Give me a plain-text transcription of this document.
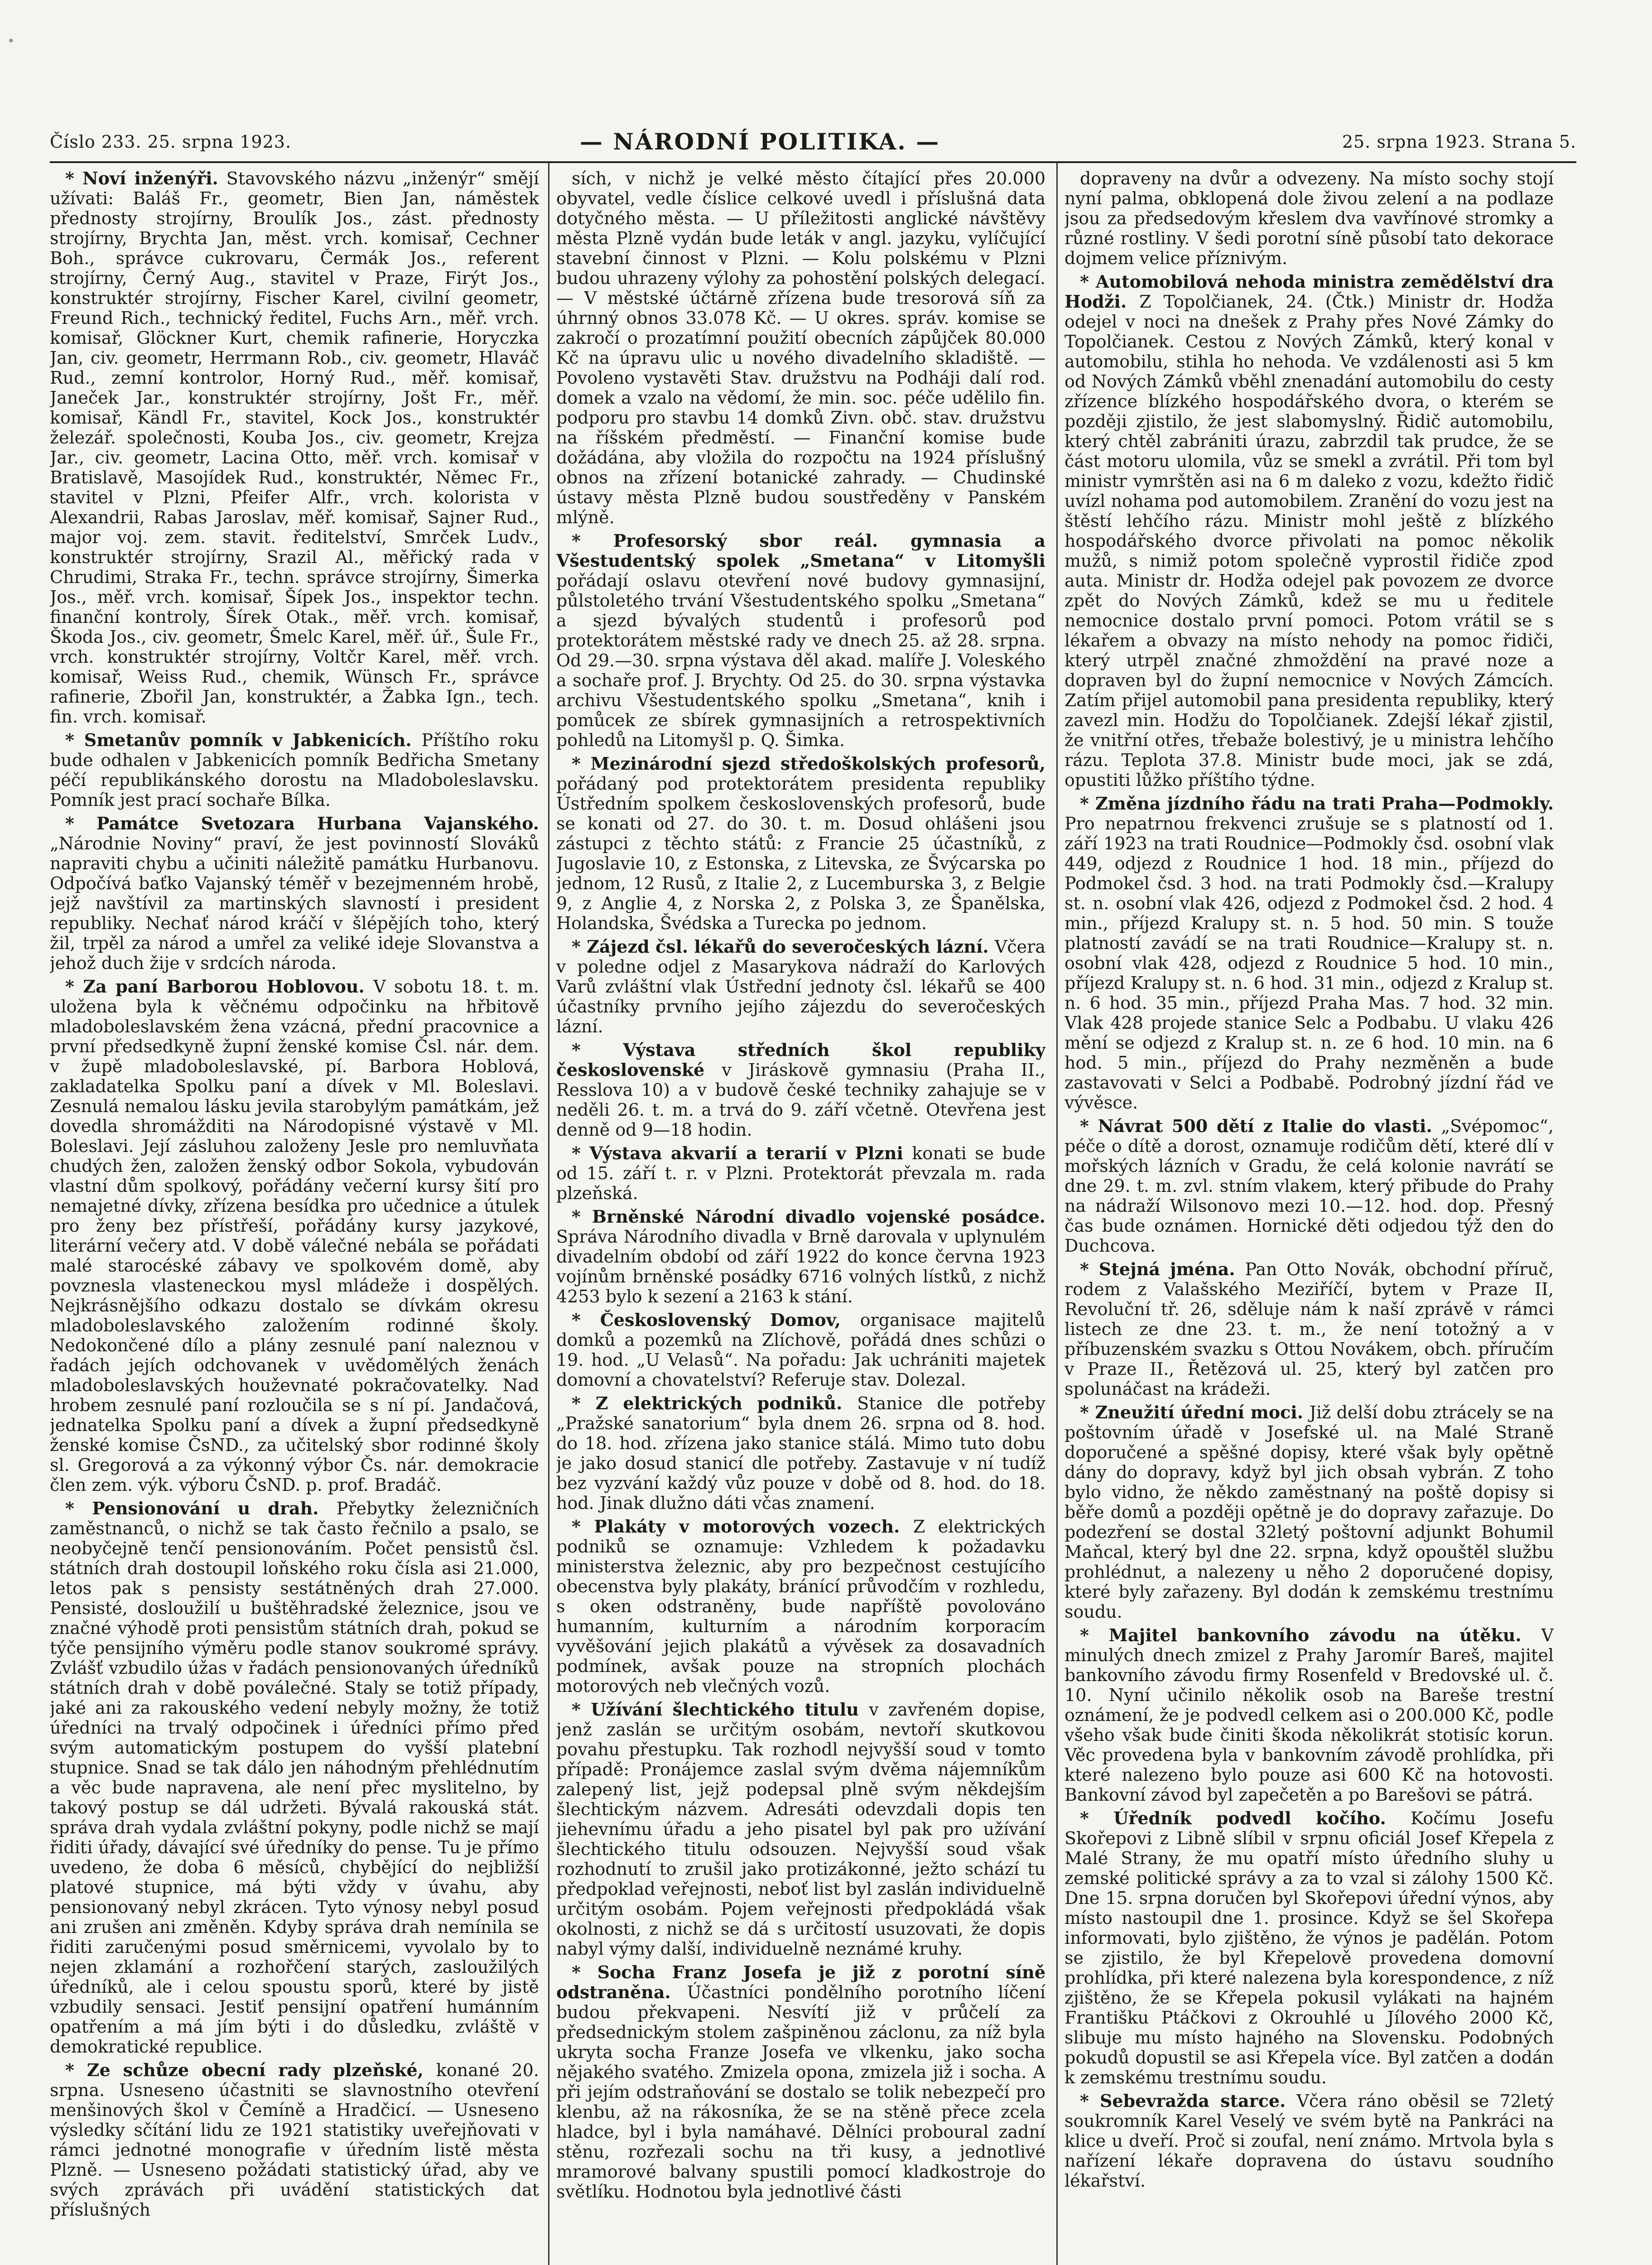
Číslo 233. 25. srpna 1923.	— NÁRODNÍ POLITIKA. —	25. srpna 1923. Strana 5.

* Noví inženýři. Stavovského názvu „inženýr“ smějí užívati: Baláš Fr., geometr, Bien Jan, náměstek přednosty strojírny, Broulík Jos., zást. přednosty strojírny, Brychta Jan, měst. vrch. komisař, Cechner Boh., správce cukrovaru, Čermák Jos., referent strojírny, Černý Aug., stavitel v Praze, Firýt Jos., konstruktér strojírny, Fischer Karel, civilní geometr, Freund Rich., technický ředitel, Fuchs Arn., měř. vrch. komisař, Glöckner Kurt, chemik rafinerie, Horyczka Jan, civ. geometr, Herrmann Rob., civ. geometr, Hlaváč Rud., zemní kontrolor, Horný Rud., měř. komisař, Janeček Jar., konstruktér strojírny, Jošt Fr., měř. komisař, Kändl Fr., stavitel, Kock Jos., konstruktér železář. společnosti, Kouba Jos., civ. geometr, Krejza Jar., civ. geometr, Lacina Otto, měř. vrch. komisař v Bratislavě, Masojídek Rud., konstruktér, Němec Fr., stavitel v Plzni, Pfeifer Alfr., vrch. koloristа v Alexandrii, Rabas Jaroslav, měř. komisař, Sajner Rud., major voj. zem. stavit. ředitelství, Smrček Ludv., konstruktér strojírny, Srazil Al., měřický rada v Chrudimi, Straka Fr., techn. správce strojírny, Šimerka Jos., měř. vrch. komisař, Šípek Jos., inspektor techn. finanční kontroly, Šírek Otak., měř. vrch. komisař, Škoda Jos., civ. geometr, Šmelc Karel, měř. úř., Šule Fr., vrch. konstruktér strojírny, Voltčr Karel, měř. vrch. komisař, Weiss Rud., chemik, Wünsch Fr., správce rafinerie, Zbořil Jan, konstruktér, a Žabka Ign., tech. fin. vrch. komisař.

* Smetanův pomník v Jabkenicích. Příštího roku bude odhalen v Jabkenicích pomník Bedřicha Smetany péčí republikánského dorostu na Mladoboleslavsku. Pomník jest prací sochaře Bílka.

* Památce Svetozara Hurbana Vajanského. „Národnie Noviny“ praví, že jest povinností Slováků napraviti chybu a učiniti náležitě památku Hurbanovu. Odpočívá baťko Vajanský téměř v bezejmenném hrobě, jejž navštívil za martinských slavností i president republiky. Nechať národ kráčí v šlépějích toho, který žil, trpěl za národ a umřel za veliké ideje Slovanstva a jehož duch žije v srdcích národa.

* Za paní Barborou Hoblovou. V sobotu 18. t. m. uložena byla k věčnému odpočinku na hřbitově mladoboleslavském žena vzácná, přední pracovnice a první předsedkyně župní ženské komise Čsl. nár. dem. v župě mladoboleslavské, pí. Barbora Hoblová, zakladatelka Spolku paní a dívek v Ml. Boleslavi. Zesnulá nemalou lásku jevila starobylým památkám, jež dovedla shromážditi na Národopisné výstavě v Ml. Boleslavi. Její zásluhou založeny Jesle pro nemluvňata chudých žen, založen ženský odbor Sokola, vybudován vlastní dům spolkový, pořádány večerní kursy šití pro nemajetné dívky, zřízena besídka pro učednice a útulek pro ženy bez přístřeší, pořádány kursy jazykové, literární večery atd. V době válečné nebála se pořádati malé starocéské zábavy ve spolkovém domě, aby povznesla vlasteneckou mysl mládeže i dospělých. Nejkrásnějšího odkazu dostalo se dívkám okresu mladoboleslavského založením rodinné školy. Nedokončené dílo a plány zesnulé paní naleznou v řadách jejích odchovanek v uvědomělých ženách mladoboleslavských houževnaté pokračovatelky. Nad hrobem zesnulé paní rozloučila se s ní pí. Jandačová, jednatelka Spolku paní a dívek a župní předsedkyně ženské komise ČsND., za učitelský sbor rodinné školy sl. Gregorová a za výkonný výbor Čs. nár. demokracie člen zem. výk. výboru ČsND. p. prof. Bradáč.

* Pensionování u drah. Přebytky železničních zaměstnanců, o nichž se tak často řečnilo a psalo, se neobyčejně tenčí pensionováním. Počet pensistů čsl. státních drah dostoupil loňského roku čísla asi 21.000, letos pak s pensisty sestátněných drah 27.000. Pensisté, dosloužilí u buštěhradské železnice, jsou ve značné výhodě proti pensistům státních drah, pokud se týče pensijního výměru podle stanov soukromé správy. Zvlášť vzbudilo úžas v řadách pensionovaných úředníků státních drah v době poválečné. Staly se totiž případy, jaké ani za rakouského vedení nebyly možny, že totiž úředníci na trvalý odpočinek i úředníci přímo před svým automatickým postupem do vyšší platební stupnice. Snad se tak dálo jen náhodným přehlédnutím a věc bude napravena, ale není přec myslitelno, by takový postup se dál udržeti. Bývalá rakouská stát. správa drah vydala zvláštní pokyny, podle nichž se mají řiditi úřady, dávající své úředníky do pense. Tu je přímo uvedeno, že doba 6 měsíců, chybějící do nejbližší platové stupnice, má býti vždy v úvahu, aby pensionovaný nebyl zkrácen. Tyto výnosy nebyl posud ani zrušen ani změněn. Kdyby správa drah nemínila se řiditi zaručenými posud směrnicemi, vyvolalo by to nejen zklamání a rozhořčení starých, zasloužilých úředníků, ale i celou spoustu sporů, které by jistě vzbudily sensaci. Jestiť pensijní opatření humánním opatřením a má jím býti i do důsledku, zvláště v demokratické republice.

* Ze schůze obecní rady plzeňské, konané 20. srpna. Usneseno účastniti se slavnostního otevření menšinových škol v Čemíně a Hradčicí. — Usneseno výsledky sčítání lidu ze 1921 statistiky uveřejňovati v rámci jednotné monografie v úředním listě města Plzně. — Usneseno požádati statistický úřad, aby ve svých zprávách při uvádění statistických dat příslušných

sích, v nichž je velké město čítající přes 20.000 obyvatel, vedle číslice celkové uvedl i příslušná data dotyčného města. — U příležitosti anglické návštěvy města Plzně vydán bude leták v angl. jazyku, vylíčující stavební činnost v Plzni. — Kolu polskému v Plzni budou uhrazeny výlohy za pohostění polských delegací. — V městské účtárně zřízena bude tresorová síň za úhrnný obnos 33.078 Kč. — U okres. správ. komise se zakročí o prozatímní použití obecních zápůjček 80.000 Kč na úpravu ulic u nového divadelního skladiště. — Povoleno vystavěti Stav. družstvu na Podháji dalí rod. domek a vzalo na vědomí, že min. soc. péče udělilo fin. podporu pro stavbu 14 domků Zivn. obč. stav. družstvu na říšském předměstí. — Finanční komise bude dožádána, aby vložila do rozpočtu na 1924 příslušný obnos na zřízení botanické zahrady. — Chudinské ústavy města Plzně budou soustředěny v Panském mlýně.

* Profesorský sbor reál. gymnasia a Všestudentský spolek „Smetana“ v Litomyšli pořádají oslavu otevření nové budovy gymnasijní, půlstoletého trvání Všestudentského spolku „Smetana“ a sjezd bývalých studentů i profesorů pod protektorátem městské rady ve dnech 25. až 28. srpna. Od 29.—30. srpna výstava děl akad. malíře J. Voleského a sochaře prof. J. Brychty. Od 25. do 30. srpna výstavka archivu Všestudentského spolku „Smetana“, knih i pomůcek ze sbírek gymnasijních a retrospektivních pohledů na Litomyšl p. Q. Šimka.

* Mezinárodní sjezd středoškolských profesorů, pořádaný pod protektorátem presidenta republiky Ústředním spolkem československých profesorů, bude se konati od 27. do 30. t. m. Dosud ohlášeni jsou zástupci z těchto států: z Francie 25 účastníků, z Jugoslavie 10, z Estonska, z Litevska, ze Švýcarska po jednom, 12 Rusů, z Italie 2, z Lucemburska 3, z Belgie 9, z Anglie 4, z Norska 2, z Polska 3, ze Španělska, Holandska, Švédska a Turecka po jednom.

* Zájezd čsl. lékařů do severočeských lázní. Včera v poledne odjel z Masarykova nádraží do Karlových Varů zvláštní vlak Ústřední jednoty čsl. lékařů se 400 účastníky prvního jejího zájezdu do severočeských lázní.

* Výstava středních škol republiky československé v Jiráskově gymnasiu (Praha II., Resslova 10) a v budově české techniky zahajuje se v neděli 26. t. m. a trvá do 9. září včetně. Otevřena jest denně od 9—18 hodin.

* Výstava akvarií a terarií v Plzni konati se bude od 15. září t. r. v Plzni. Protektorát převzala m. rada plzeňská.

* Brněnské Národní divadlo vojenské posádce. Správa Národního divadla v Brně darovala v uplynulém divadelním období od září 1922 do konce června 1923 vojínům brněnské posádky 6716 volných lístků, z nichž 4253 bylo k sezení a 2163 k stání.

* Československý Domov, organisace majitelů domků a pozemků na Zlíchově, pořádá dnes schůzi o 19. hod. „U Velasů“. Na pořadu: Jak uchrániti majetek domovní a chovatelství? Referuje stav. Dolezal.

* Z elektrických podniků. Stanice dle potřeby „Pražské sanatorium“ byla dnem 26. srpna od 8. hod. do 18. hod. zřízena jako stanice stálá. Mimo tuto dobu je jako dosud stanicí dle potřeby. Zastavuje v ní tudíž bez vyzvání každý vůz pouze v době od 8. hod. do 18. hod. Jinak dlužno dáti včas znamení.

* Plakáty v motorových vozech. Z elektrických podniků se oznamuje: Vzhledem k požadavku ministerstva železnic, aby pro bezpečnost cestujícího obecenstva byly plakáty, bránící průvodčím v rozhledu, s oken odstraněny, bude napříště povolováno humanním, kulturním a národním korporacím vyvěšování jejich plakátů a vývěsek za dosavadních podmínek, avšak pouze na stropních plochách motorových neb vlečných vozů.

* Užívání šlechtického titulu v zavřeném dopise, jenž zaslán se určitým osobám, nevtoří skutkovou povahu přestupku. Tak rozhodl nejvyšší soud v tomto případě: Pronájemce zaslal svým dvěma nájemníkům zalepený list, jejž podepsal plně svým někdejším šlechtickým názvem. Adresáti odevzdali dopis ten jiehevnímu úřadu a jeho pisatel byl pak pro užívání šlechtického titulu odsouzen. Nejvyšší soud však rozhodnutí to zrušil jako protizákonné, ježto schází tu předpoklad veřejnosti, neboť list byl zaslán individuelně určitým osobám. Pojem veřejnosti předpokládá však okolnosti, z nichž se dá s určitostí usuzovati, že dopis nabyl výmy další, individuelně neznámé kruhy.

* Socha Franz Josefa je již z porotní síně odstraněna. Účastníci pondělního porotního líčení budou překvapeni. Nesvítí již v průčelí za předsednickým stolem zašpiněnou záclonu, za níž byla ukryta socha Franze Josefa ve vlkenku, jako socha nějakého svatého. Zmizela opona, zmizela již i socha. A při jejím odstraňování se dostalo se tolik nebezpečí pro klenbu, až na rákosníka, že se na stěně přece zcela hladce, byl i byla namáhavé. Dělníci proboural zadní stěnu, rozřezali sochu na tři kusy, a jednotlivé mramorové balvany spustili pomocí kladkostroje do světlíku. Hodnotou byla jednotlivé části

dopraveny na dvůr a odvezeny. Na místo sochy stojí nyní palma, obklopená dole živou zelení a na podlaze jsou za předsedovým křeslem dva vavřínové stromky a různé rostliny. V šedi porotní síně působí tato dekorace dojmem velice příznivým.

* Automobilová nehoda ministra zemědělství dra Hodži. Z Topolčianek, 24. (Čtk.) Ministr dr. Hodža odejel v noci na dnešek z Prahy přes Nové Zámky do Topolčianek. Cestou z Nových Zámků, který konal v automobilu, stihla ho nehoda. Ve vzdálenosti asi 5 km od Nových Zámků vběhl znenadání automobilu do cesty zřízence blízkého hospodářského dvora, o kterém se později zjistilo, že jest slabomyslný. Řidič automobilu, který chtěl zabrániti úrazu, zabrzdil tak prudce, že se část motoru ulomila, vůz se smekl a zvrátil. Při tom byl ministr vymrštěn asi na 6 m daleko z vozu, kdežto řidič uvízl nohama pod automobilem. Zranění do vozu jest na štěstí lehčího rázu. Ministr mohl ještě z blízkého hospodářského dvorce přivolati na pomoc několik mužů, s nimiž potom společně vyprostil řidiče zpod auta. Ministr dr. Hodža odejel pak povozem ze dvorce zpět do Nových Zámků, kdež se mu u ředitele nemocnice dostalo první pomoci. Potom vrátil se s lékařem a obvazy na místo nehody na pomoc řidiči, který utrpěl značné zhmoždění na pravé noze a dopraven byl do župní nemocnice v Nových Zámcích. Zatím přijel automobil pana presidenta republiky, který zavezl min. Hodžu do Topolčianek. Zdejší lékař zjistil, že vnitřní otřes, třebaže bolestivý, je u ministra lehčího rázu. Teplota 37.8. Ministr bude moci, jak se zdá, opustiti lůžko příštího týdne.

* Změna jízdního řádu na trati Praha—Podmokly. Pro nepatrnou frekvenci zrušuje se s platností od 1. září 1923 na trati Roudnice—Podmokly čsd. osobní vlak 449, odjezd z Roudnice 1 hod. 18 min., příjezd do Podmokel čsd. 3 hod. na trati Podmokly čsd.—Kralupy st. n. osobní vlak 426, odjezd z Podmokel čsd. 2 hod. 4 min., příjezd Kralupy st. n. 5 hod. 50 min. S touže platností zavádí se na trati Roudnice—Kralupy st. n. osobní vlak 428, odjezd z Roudnice 5 hod. 10 min., příjezd Kralupy st. n. 6 hod. 31 min., odjezd z Kralup st. n. 6 hod. 35 min., příjezd Praha Mas. 7 hod. 32 min. Vlak 428 projede stanice Selc a Podbabu. U vlaku 426 mění se odjezd z Kralup st. n. ze 6 hod. 10 min. na 6 hod. 5 min., příjezd do Prahy nezměněn a bude zastavovati v Selci a Podbabě. Podrobný jízdní řád ve vývěsce.

* Návrat 500 dětí z Italie do vlasti. „Svépomoc“, péče o dítě a dorost, oznamuje rodičům dětí, které dlí v mořských lázních v Gradu, že celá kolonie navrátí se dne 29. t. m. zvl. stním vlakem, který přibude do Prahy na nádraží Wilsonovo mezi 10.—12. hod. dop. Přesný čas bude oznámen. Hornické děti odjedou týž den do Duchcova.

* Stejná jména. Pan Otto Novák, obchodní příruč, rodem z Valašského Meziříčí, bytem v Praze II, Revoluční tř. 26, sděluje nám k naší zprávě v rámci listech ze dne 23. t. m., že není totožný a v příbuzenském svazku s Ottou Novákem, obch. příručím v Praze II., Řetězová ul. 25, který byl zatčen pro spolunáčast na krádeži.

* Zneužití úřední moci. Již delší dobu ztrácely se na poštovním úřadě v Josefské ul. na Malé Straně doporučené a spěšné dopisy, které však byly opětně dány do dopravy, když byl jich obsah vybrán. Z toho bylo vidno, že někdo zaměstnaný na poště dopisy si běře domů a později opětně je do dopravy zařazuje. Do podezření se dostal 32letý poštovní adjunkt Bohumil Maňcal, který byl dne 22. srpna, když opouštěl službu prohlédnut, a nalezeny u něho 2 doporučené dopisy, které byly zařazeny. Byl dodán k zemskému trestnímu soudu.

* Majitel bankovního závodu na útěku. V minulých dnech zmizel z Prahy Jaromír Bareš, majitel bankovního závodu firmy Rosenfeld v Bredovské ul. č. 10. Nyní učinilo několik osob na Bareše trestní oznámení, že je podvedl celkem asi o 200.000 Kč, podle všeho však bude činiti škoda několikrát stotisíc korun. Věc provedena byla v bankovním závodě prohlídka, při které nalezeno bylo pouze asi 600 Kč na hotovosti. Bankovní závod byl zapečetěn a po Barešovi se pátrá.

* Úředník podvedl kočího. Kočímu Josefu Skořepovi z Libně slíbil v srpnu oficiál Josef Křepela z Malé Strany, že mu opatří místo úředního sluhy u zemské politické správy a za to vzal si zálohy 1500 Kč. Dne 15. srpna doručen byl Skořepovi úřední výnos, aby místo nastoupil dne 1. prosince. Když se šel Skořepa informovati, bylo zjištěno, že výnos je padělán. Potom se zjistilo, že byl Křepelově provedena domovní prohlídka, při které nalezena byla korespondence, z níž zjištěno, že se Křepela pokusil vylákati na hajném Františku Ptáčkovi z Okrouhlé u Jílového 2000 Kč, slibuje mu místo hajného na Slovensku. Podobných pokudů dopustil se asi Křepela více. Byl zatčen a dodán k zemskému trestnímu soudu.

* Sebevražda starce. Včera ráno oběsil se 72letý soukromník Karel Veselý ve svém bytě na Pankráci na klice u dveří. Proč si zoufal, není známo. Mrtvola byla s nařízení lékaře dopravena do ústavu soudního lékařství.
